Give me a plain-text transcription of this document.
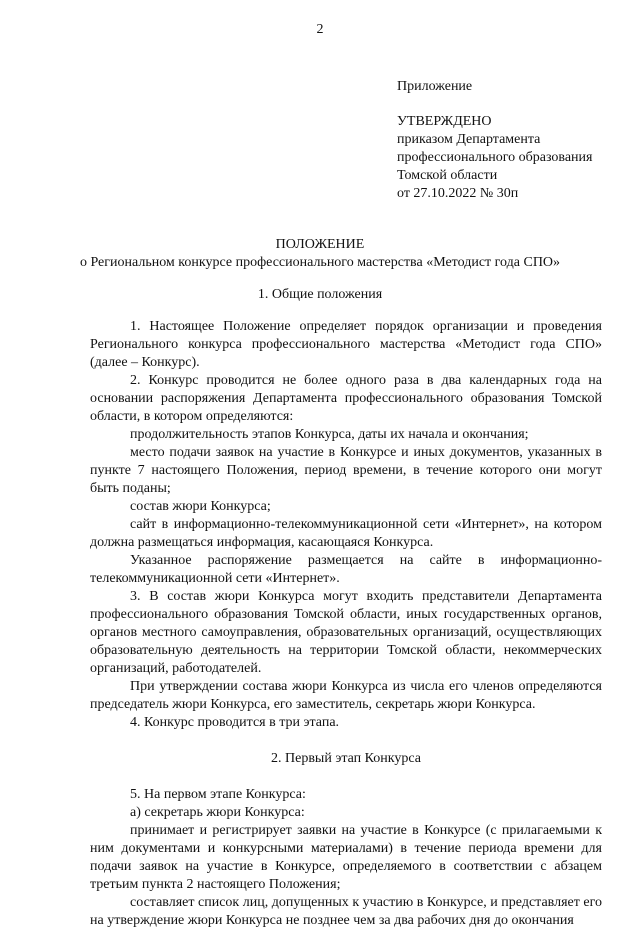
2
Приложение
УТВЕРЖДЕНО
приказом Департамента
профессионального образования
Томской области
от 27.10.2022 № 30п
ПОЛОЖЕНИЕ
о Региональном конкурсе профессионального мастерства «Методист года СПО»
1. Общие положения

1. Настоящее Положение определяет порядок организации и проведения Регионального конкурса профессионального мастерства «Методист года СПО» (далее – Конкурс).

2. Конкурс проводится не более одного раза в два календарных года на основании распоряжения Департамента профессионального образования Томской области, в котором определяются:

продолжительность этапов Конкурса, даты их начала и окончания;

место подачи заявок на участие в Конкурсе и иных документов, указанных в пункте 7 настоящего Положения, период времени, в течение которого они могут быть поданы;

состав жюри Конкурса;

сайт в информационно-телекоммуникационной сети «Интернет», на котором должна размещаться информация, касающаяся Конкурса.

Указанное распоряжение размещается на сайте в информационно-телекоммуникационной сети «Интернет».

3. В состав жюри Конкурса могут входить представители Департамента профессионального образования Томской области, иных государственных органов, органов местного самоуправления, образовательных организаций, осуществляющих образовательную деятельность на территории Томской области, некоммерческих организаций, работодателей.

При утверждении состава жюри Конкурса из числа его членов определяются председатель жюри Конкурса, его заместитель, секретарь жюри Конкурса.

4. Конкурс проводится в три этапа.

2. Первый этап Конкурса

5. На первом этапе Конкурса:

а) секретарь жюри Конкурса:

принимает и регистрирует заявки на участие в Конкурсе (с прилагаемыми к ним документами и конкурсными материалами) в течение периода времени для подачи заявок на участие в Конкурсе, определяемого в соответствии с абзацем третьим пункта 2 настоящего Положения;

составляет список лиц, допущенных к участию в Конкурсе, и представляет его на утверждение жюри Конкурса не позднее чем за два рабочих дня до окончания
